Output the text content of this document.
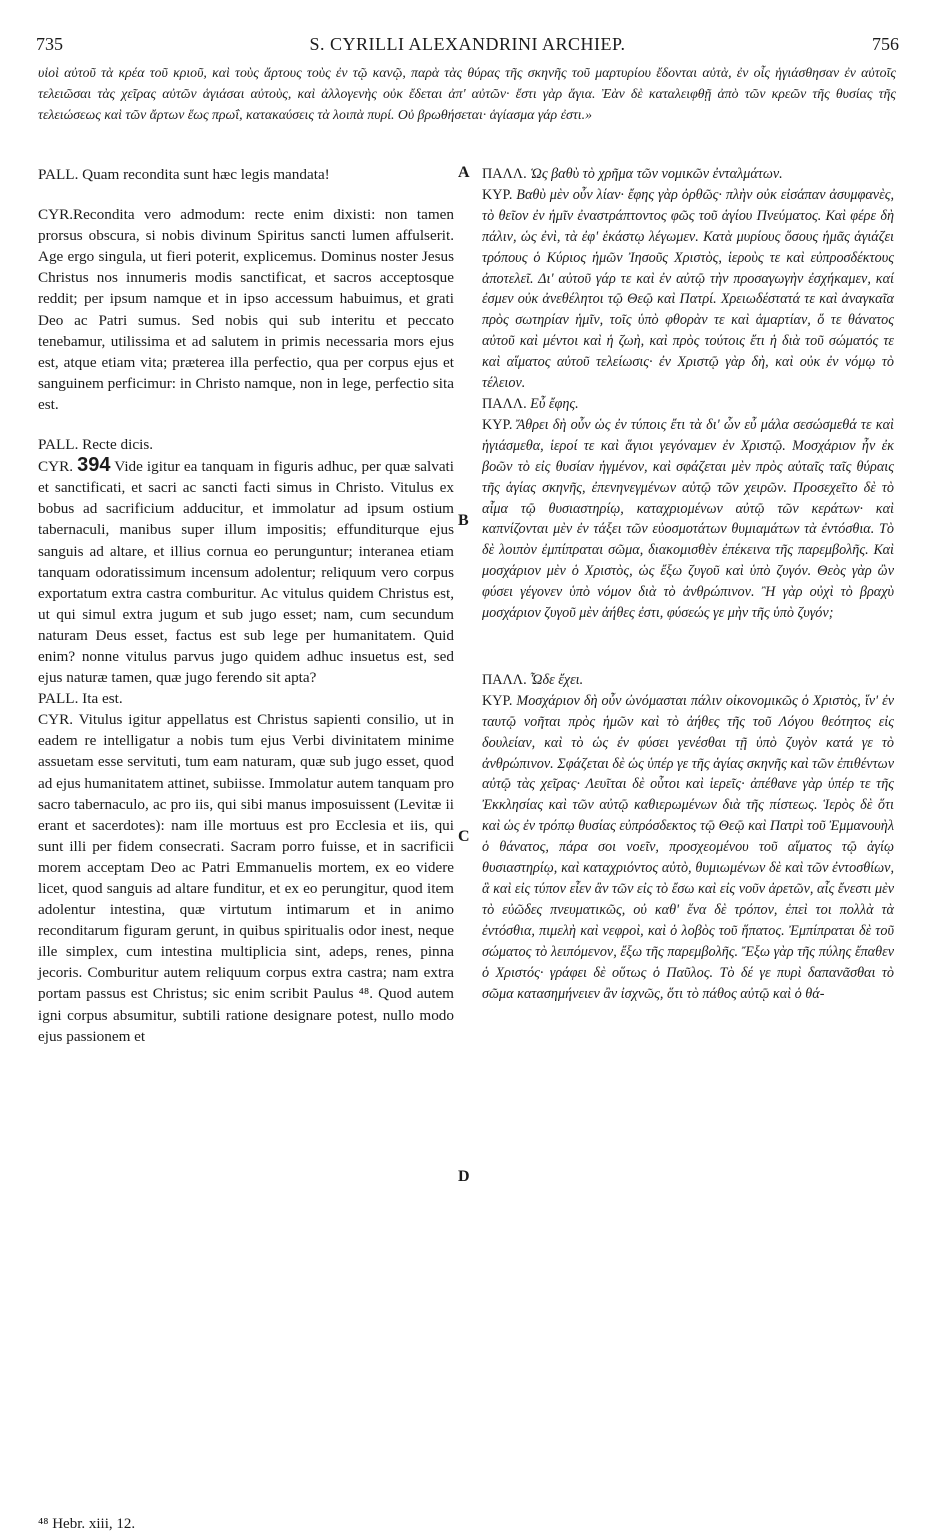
735	S. CYRILLI ALEXANDRINI ARCHIEP.	756
υἱοὶ αὐτοῦ τὰ κρέα τοῦ κριοῦ, καὶ τοὺς ἄρτους τοὺς ἐν τῷ κανῷ, παρὰ τὰς θύρας τῆς σκηνῆς τοῦ μαρτυρίου ἔδονται αὐτὰ, ἐν οἷς ἡγιάσθησαν ἐν αὐτοῖς τελειῶσαι τὰς χεῖρας αὐτῶν ἁγιάσαι αὐτοὺς, καὶ ἀλλογενὴς οὐκ ἔδεται ἀπ' αὐτῶν· ἔστι γὰρ ἅγια. Ἐὰν δὲ καταλειφθῇ ἀπὸ τῶν κρεῶν τῆς θυσίας τῆς τελειώσεως καὶ τῶν ἄρτων ἕως πρωΐ, κατακαύσεις τὰ λοιπὰ πυρί. Οὐ βρωθήσεται· ἁγίασμα γάρ ἐστι.»

PALL. Quam recondita sunt hæc legis mandata!

CYR.Recondita vero admodum: recte enim dixisti: non tamen prorsus obscura, si nobis divinum Spiritus sancti lumen affulserit. Age ergo singula, ut fieri poterit, explicemus. Dominus noster Jesus Christus nos innumeris modis sanctificat, et sacros acceptosque reddit; per ipsum namque et in ipso accessum habuimus, et grati Deo ac Patri sumus. Sed nobis qui sub interitu et peccato tenebamur, utilissima et ad salutem in primis necessaria mors ejus est, atque etiam vita; præterea illa perfectio, qua per corpus ejus et sanguinem perficimur: in Christo namque, non in lege, perfectio sita est.

PALL. Recte dicis.

CYR. 394 Vide igitur ea tanquam in figuris adhuc, per quæ salvati et sanctificati, et sacri ac sancti facti simus in Christo. Vitulus ex bobus ad sacrificium adducitur, et immolatur ad ipsum ostium tabernaculi, manibus super illum impositis; effunditurque ejus sanguis ad altare, et illius cornua eo perunguntur; interanea etiam tanquam odoratissimum incensum adolentur; reliquum vero corpus exportatum extra castra comburitur. Ac vitulus quidem Christus est, ut qui simul extra jugum et sub jugo esset; nam, cum secundum naturam Deus esset, factus est sub lege per humanitatem. Quid enim? nonne vitulus parvus jugo quidem adhuc insuetus est, sed ejus naturæ tamen, quæ jugo ferendo sit apta?

PALL. Ita est.

CYR. Vitulus igitur appellatus est Christus sapienti consilio, ut in eadem re intelligatur a nobis tum ejus Verbi divinitatem minime assuetam esse servituti, tum eam naturam, quæ sub jugo esset, quod ad ejus humanitatem attinet, subiisse. Immolatur autem tanquam pro sacro tabernaculo, ac pro iis, qui sibi manus imposuissent (Levitæ ii erant et sacerdotes): nam ille mortuus est pro Ecclesia et iis, qui sunt illi per fidem consecrati. Sacram porro fuisse, et in sacrificii morem acceptam Deo ac Patri Emmanuelis mortem, ex eo videre licet, quod sanguis ad altare funditur, et ex eo perungitur, quod item adolentur intestina, quæ virtutum intimarum et in animo reconditarum figuram gerunt, in quibus spiritualis odor inest, neque ille simplex, cum intestina multiplicia sint, adeps, renes, pinna jecoris. Comburitur autem reliquum corpus extra castra; nam extra portam passus est Christus; sic enim scribit Paulus ⁴⁸. Quod autem igni corpus absumitur, subtili ratione designare potest, nullo modo ejus passionem et

A
B
C
D

ΠΑΛΛ. Ὡς βαθὺ τὸ χρῆμα τῶν νομικῶν ἐνταλμάτων.

ΚΥΡ. Βαθὺ μὲν οὖν λίαν· ἔφης γὰρ ὀρθῶς· πλὴν οὐκ εἰσάπαν ἀσυμφανὲς, τὸ θεῖον ἐν ἡμῖν ἐναστράπτοντος φῶς τοῦ ἁγίου Πνεύματος. Καὶ φέρε δὴ πάλιν, ὡς ἐνὶ, τὰ ἐφ' ἑκάστῳ λέγωμεν. Κατὰ μυρίους ὅσους ἡμᾶς ἁγιάζει τρόπους ὁ Κύριος ἡμῶν Ἰησοῦς Χριστὸς, ἱεροὺς τε καὶ εὐπροσδέκτους ἀποτελεῖ. Δι' αὐτοῦ γάρ τε καὶ ἐν αὐτῷ τὴν προσαγωγὴν ἐσχήκαμεν, καί ἐσμεν οὐκ ἀνεθέλητοι τῷ Θεῷ καὶ Πατρί. Χρειωδέστατά τε καὶ ἀναγκαῖα πρὸς σωτηρίαν ἡμῖν, τοῖς ὑπὸ φθορὰν τε καὶ ἁμαρτίαν, ὅ τε θάνατος αὐτοῦ καὶ μέντοι καὶ ἡ ζωὴ, καὶ πρὸς τούτοις ἔτι ἡ διὰ τοῦ σώματός τε καὶ αἵματος αὐτοῦ τελείωσις· ἐν Χριστῷ γὰρ δὴ, καὶ οὐκ ἐν νόμῳ τὸ τέλειον.

ΠΑΛΛ. Εὖ ἔφης.

ΚΥΡ. Ἄθρει δὴ οὖν ὡς ἐν τύποις ἔτι τὰ δι' ὧν εὖ μάλα σεσώσμεθά τε καὶ ἡγιάσμεθα, ἱεροί τε καὶ ἅγιοι γεγόναμεν ἐν Χριστῷ. Μοσχάριον ἦν ἐκ βοῶν τὸ εἰς θυσίαν ἡγμένον, καὶ σφάζεται μὲν πρὸς αὐταῖς ταῖς θύραις τῆς ἁγίας σκηνῆς, ἐπενηνεγμένων αὐτῷ τῶν χειρῶν. Προσεχεῖτο δὲ τὸ αἷμα τῷ θυσιαστηρίῳ, καταχριομένων αὐτῷ τῶν κεράτων· καὶ καπνίζονται μὲν ἐν τάξει τῶν εὐοσμοτάτων θυμιαμάτων τὰ ἐντόσθια. Τὸ δὲ λοιπὸν ἐμπίπραται σῶμα, διακομισθὲν ἐπέκεινα τῆς παρεμβολῆς. Καὶ μοσχάριον μὲν ὁ Χριστὸς, ὡς ἔξω ζυγοῦ καὶ ὑπὸ ζυγόν. Θεὸς γὰρ ὢν φύσει γέγονεν ὑπὸ νόμον διὰ τὸ ἀνθρώπινον. Ἢ γὰρ οὐχὶ τὸ βραχὺ μοσχάριον ζυγοῦ μὲν ἀήθες ἐστι, φύσεώς γε μὴν τῆς ὑπὸ ζυγόν;

ΠΑΛΛ. Ὧδε ἔχει.

ΚΥΡ. Μοσχάριον δὴ οὖν ὠνόμασται πάλιν οἰκονομικῶς ὁ Χριστὸς, ἵν' ἐν ταυτῷ νοῆται πρὸς ἡμῶν καὶ τὸ ἀήθες τῆς τοῦ Λόγου θεότητος εἰς δουλείαν, καὶ τὸ ὡς ἐν φύσει γενέσθαι τῇ ὑπὸ ζυγὸν κατά γε τὸ ἀνθρώπινον. Σφάζεται δὲ ὡς ὑπέρ γε τῆς ἁγίας σκηνῆς καὶ τῶν ἐπιθέντων αὐτῷ τὰς χεῖρας· Λευῖται δὲ οὗτοι καὶ ἱερεῖς· ἀπέθανε γὰρ ὑπέρ τε τῆς Ἐκκλησίας καὶ τῶν αὐτῷ καθιερωμένων διὰ τῆς πίστεως. Ἱερὸς δὲ ὅτι καὶ ὡς ἐν τρόπῳ θυσίας εὐπρόσδεκτος τῷ Θεῷ καὶ Πατρὶ τοῦ Ἐμμανουὴλ ὁ θάνατος, πάρα σοι νοεῖν, προσχεομένου τοῦ αἵματος τῷ ἁγίῳ θυσιαστηρίῳ, καὶ καταχριόντος αὐτὸ, θυμιωμένων δὲ καὶ τῶν ἐντοσθίων, ἃ καὶ εἰς τύπον εἶεν ἂν τῶν εἰς τὸ ἔσω καὶ εἰς νοῦν ἀρετῶν, αἷς ἔνεστι μὲν τὸ εὐῶδες πνευματικῶς, οὐ καθ' ἕνα δὲ τρόπον, ἐπεὶ τοι πολλὰ τὰ ἐντόσθια, πιμελὴ καὶ νεφροὶ, καὶ ὁ λοβὸς τοῦ ἥπατος. Ἐμπίπραται δὲ τοῦ σώματος τὸ λειπόμενον, ἔξω τῆς παρεμβολῆς. Ἔξω γὰρ τῆς πύλης ἔπαθεν ὁ Χριστός· γράφει δὲ οὕτως ὁ Παῦλος. Τὸ δέ γε πυρὶ δαπανᾶσθαι τὸ σῶμα κατασημήνειεν ἂν ἰσχνῶς, ὅτι τὸ πάθος αὐτῷ καὶ ὁ θά-

⁴⁸ Hebr. xiii, 12.
